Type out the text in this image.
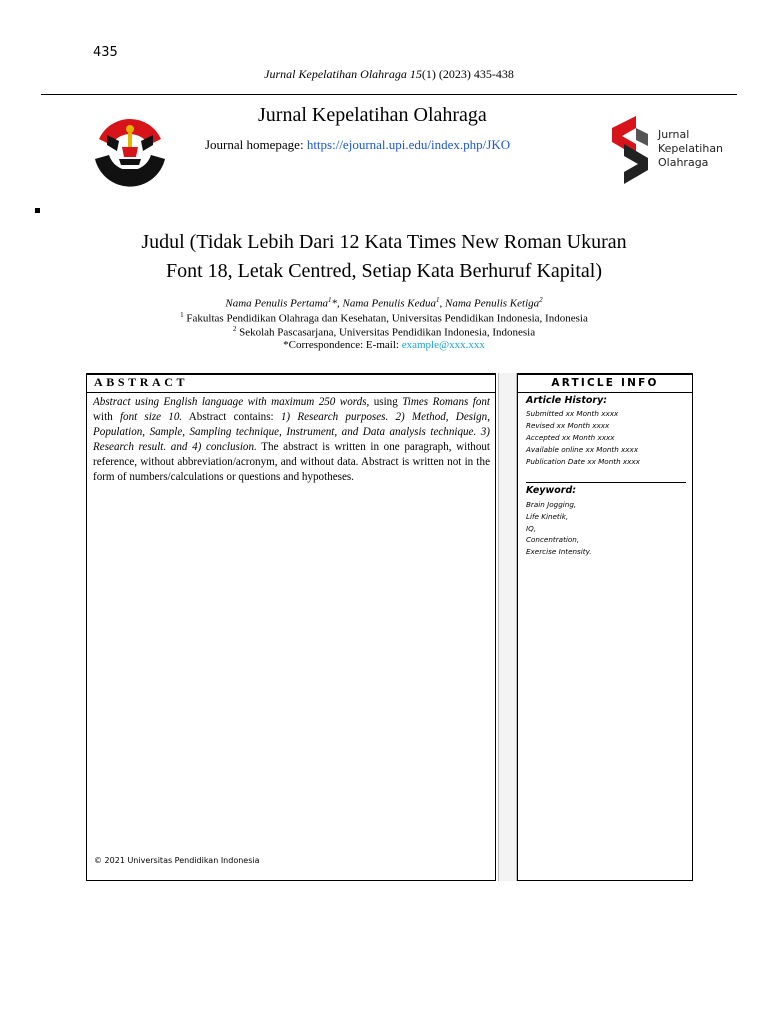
435
Jurnal Kepelatihan Olahraga 15(1) (2023) 435-438
Jurnal Kepelatihan Olahraga
Journal homepage: https://ejournal.upi.edu/index.php/JKO
Jurnal
Kepelatihan
Olahraga
Judul (Tidak Lebih Dari 12 Kata Times New Roman Ukuran
Font 18, Letak Centred, Setiap Kata Berhuruf Kapital)
Nama Penulis Pertama$^1$*, Nama Penulis Kedua$^1$, Nama Penulis Ketiga$^2$
$^1$ Fakultas Pendidikan Olahraga dan Kesehatan, Universitas Pendidikan Indonesia, Indonesia
$^2$ Sekolah Pascasarjana, Universitas Pendidikan Indonesia, Indonesia
*Correspondence: E-mail: example@xxx.xxx
ABSTRACT
Abstract using English language with maximum 250 words, using Times Romans font with font size 10. Abstract contains: 1) Research purposes. 2) Method, Design, Population, Sample, Sampling technique, Instrument, and Data analysis technique. 3) Research result. and 4) conclusion. The abstract is written in one paragraph, without reference, without abbreviation/acronym, and without data. Abstract is written not in the form of numbers/calculations or questions and hypotheses.
© 2021 Universitas Pendidikan Indonesia
ARTICLE INFO
Article History:
Submitted xx Month xxxx
Revised xx Month xxxx
Accepted xx Month xxxx
Available online xx Month xxxx
Publication Date xx Month xxxx
Keyword:
Brain Jogging,
Life Kinetik,
IQ,
Concentration,
Exercise Intensity.
